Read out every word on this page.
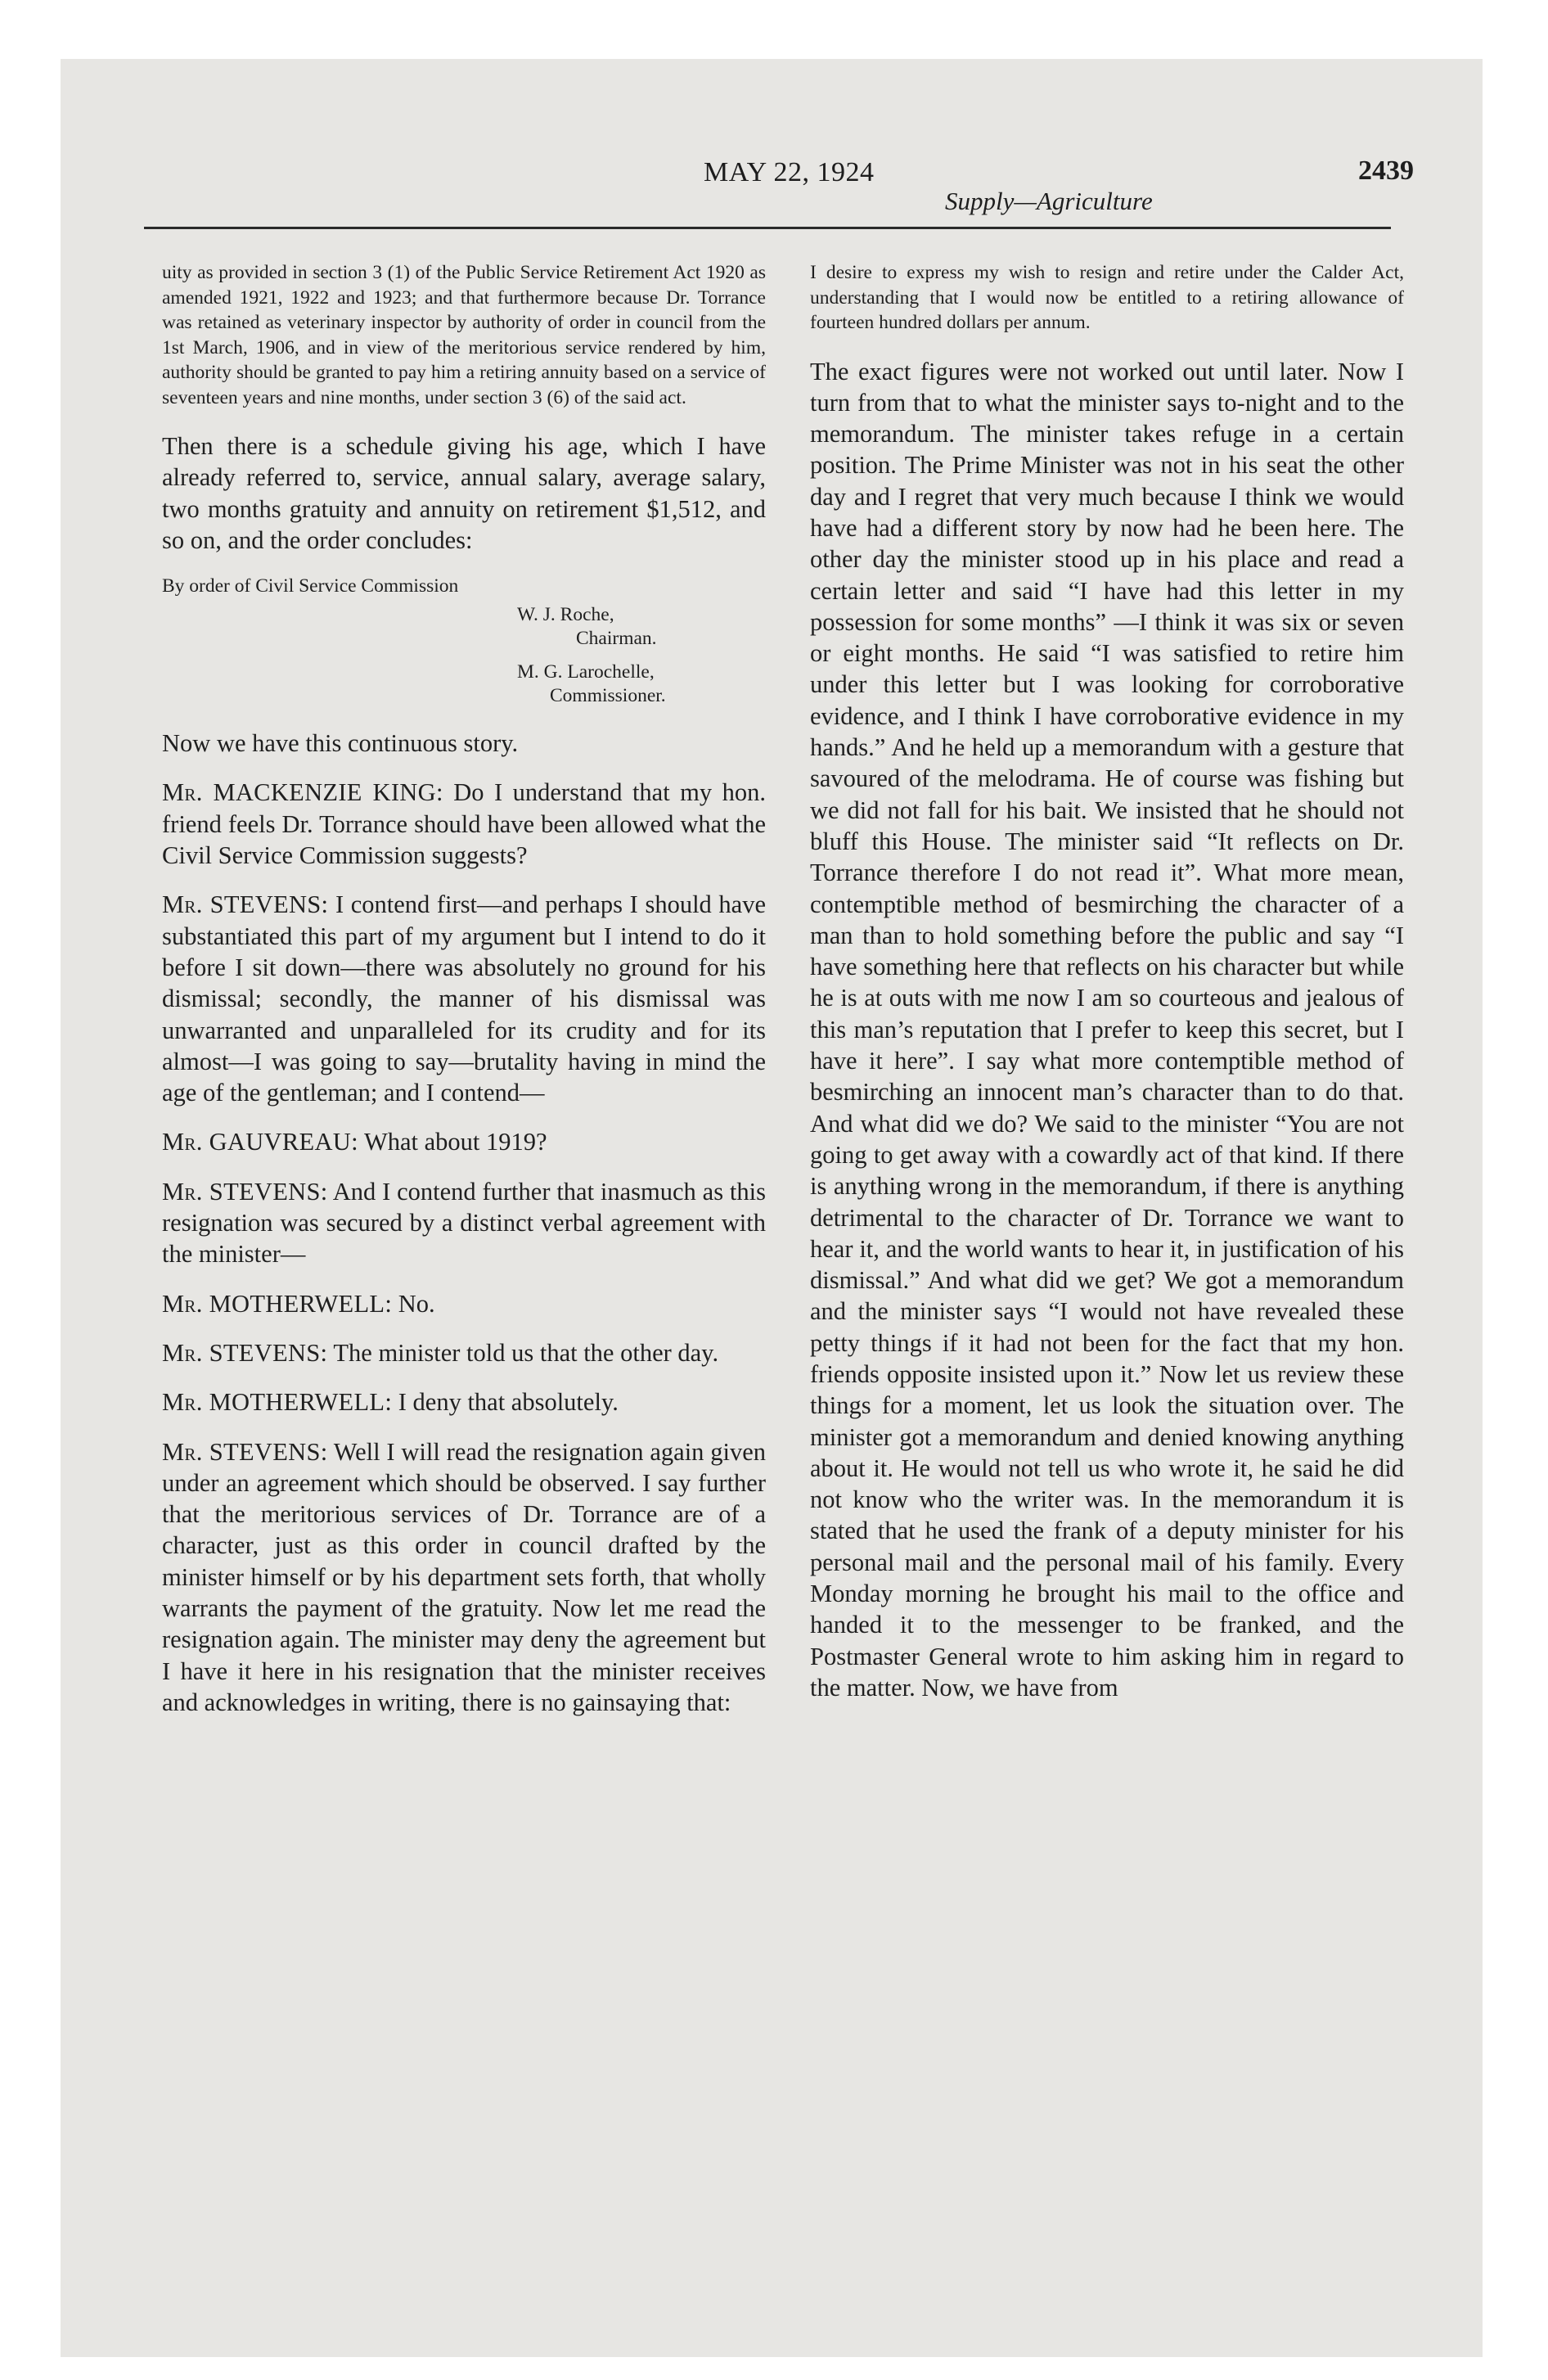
MAY 22, 1924	2439
Supply—Agriculture

uity as provided in section 3 (1) of the Public Service Retirement Act 1920 as amended 1921, 1922 and 1923; and that furthermore because Dr. Torrance was retained as veterinary inspector by authority of order in council from the 1st March, 1906, and in view of the meritorious service rendered by him, authority should be granted to pay him a retiring annuity based on a service of seventeen years and nine months, under section 3 (6) of the said act.

Then there is a schedule giving his age, which I have already referred to, service, annual salary, average salary, two months gratuity and annuity on retirement $1,512, and so on, and the order concludes:

By order of Civil Service Commission

W. J. Roche,

Chairman.

M. G. Larochelle,

Commissioner.

Now we have this continuous story.

Mr. MACKENZIE KING: Do I understand that my hon. friend feels Dr. Torrance should have been allowed what the Civil Service Commission suggests?

Mr. STEVENS: I contend first—and perhaps I should have substantiated this part of my argument but I intend to do it before I sit down—there was absolutely no ground for his dismissal; secondly, the manner of his dismissal was unwarranted and unparalleled for its crudity and for its almost—I was going to say—brutality having in mind the age of the gentleman; and I contend—

Mr. GAUVREAU: What about 1919?

Mr. STEVENS: And I contend further that inasmuch as this resignation was secured by a distinct verbal agreement with the minister—

Mr. MOTHERWELL: No.

Mr. STEVENS: The minister told us that the other day.

Mr. MOTHERWELL: I deny that absolutely.

Mr. STEVENS: Well I will read the resignation again given under an agreement which should be observed. I say further that the meritorious services of Dr. Torrance are of a character, just as this order in council drafted by the minister himself or by his department sets forth, that wholly warrants the payment of the gratuity. Now let me read the resignation again. The minister may deny the agreement but I have it here in his resignation that the minister receives and acknowledges in writing, there is no gainsaying that:

I desire to express my wish to resign and retire under the Calder Act, understanding that I would now be entitled to a retiring allowance of fourteen hundred dollars per annum.

The exact figures were not worked out until later. Now I turn from that to what the minister says to-night and to the memorandum. The minister takes refuge in a certain position. The Prime Minister was not in his seat the other day and I regret that very much because I think we would have had a different story by now had he been here. The other day the minister stood up in his place and read a certain letter and said “I have had this letter in my possession for some months” —I think it was six or seven or eight months. He said “I was satisfied to retire him under this letter but I was looking for corroborative evidence, and I think I have corroborative evidence in my hands.” And he held up a memorandum with a gesture that savoured of the melodrama. He of course was fishing but we did not fall for his bait. We insisted that he should not bluff this House. The minister said “It reflects on Dr. Torrance therefore I do not read it”. What more mean, contemptible method of besmirching the character of a man than to hold something before the public and say “I have something here that reflects on his character but while he is at outs with me now I am so courteous and jealous of this man’s reputation that I prefer to keep this secret, but I have it here”. I say what more contemptible method of besmirching an innocent man’s character than to do that. And what did we do? We said to the minister “You are not going to get away with a cowardly act of that kind. If there is anything wrong in the memorandum, if there is anything detrimental to the character of Dr. Torrance we want to hear it, and the world wants to hear it, in justification of his dismissal.” And what did we get? We got a memorandum and the minister says “I would not have revealed these petty things if it had not been for the fact that my hon. friends opposite insisted upon it.” Now let us review these things for a moment, let us look the situation over. The minister got a memorandum and denied knowing anything about it. He would not tell us who wrote it, he said he did not know who the writer was. In the memorandum it is stated that he used the frank of a deputy minister for his personal mail and the personal mail of his family. Every Monday morning he brought his mail to the office and handed it to the messenger to be franked, and the Postmaster General wrote to him asking him in regard to the matter. Now, we have from
